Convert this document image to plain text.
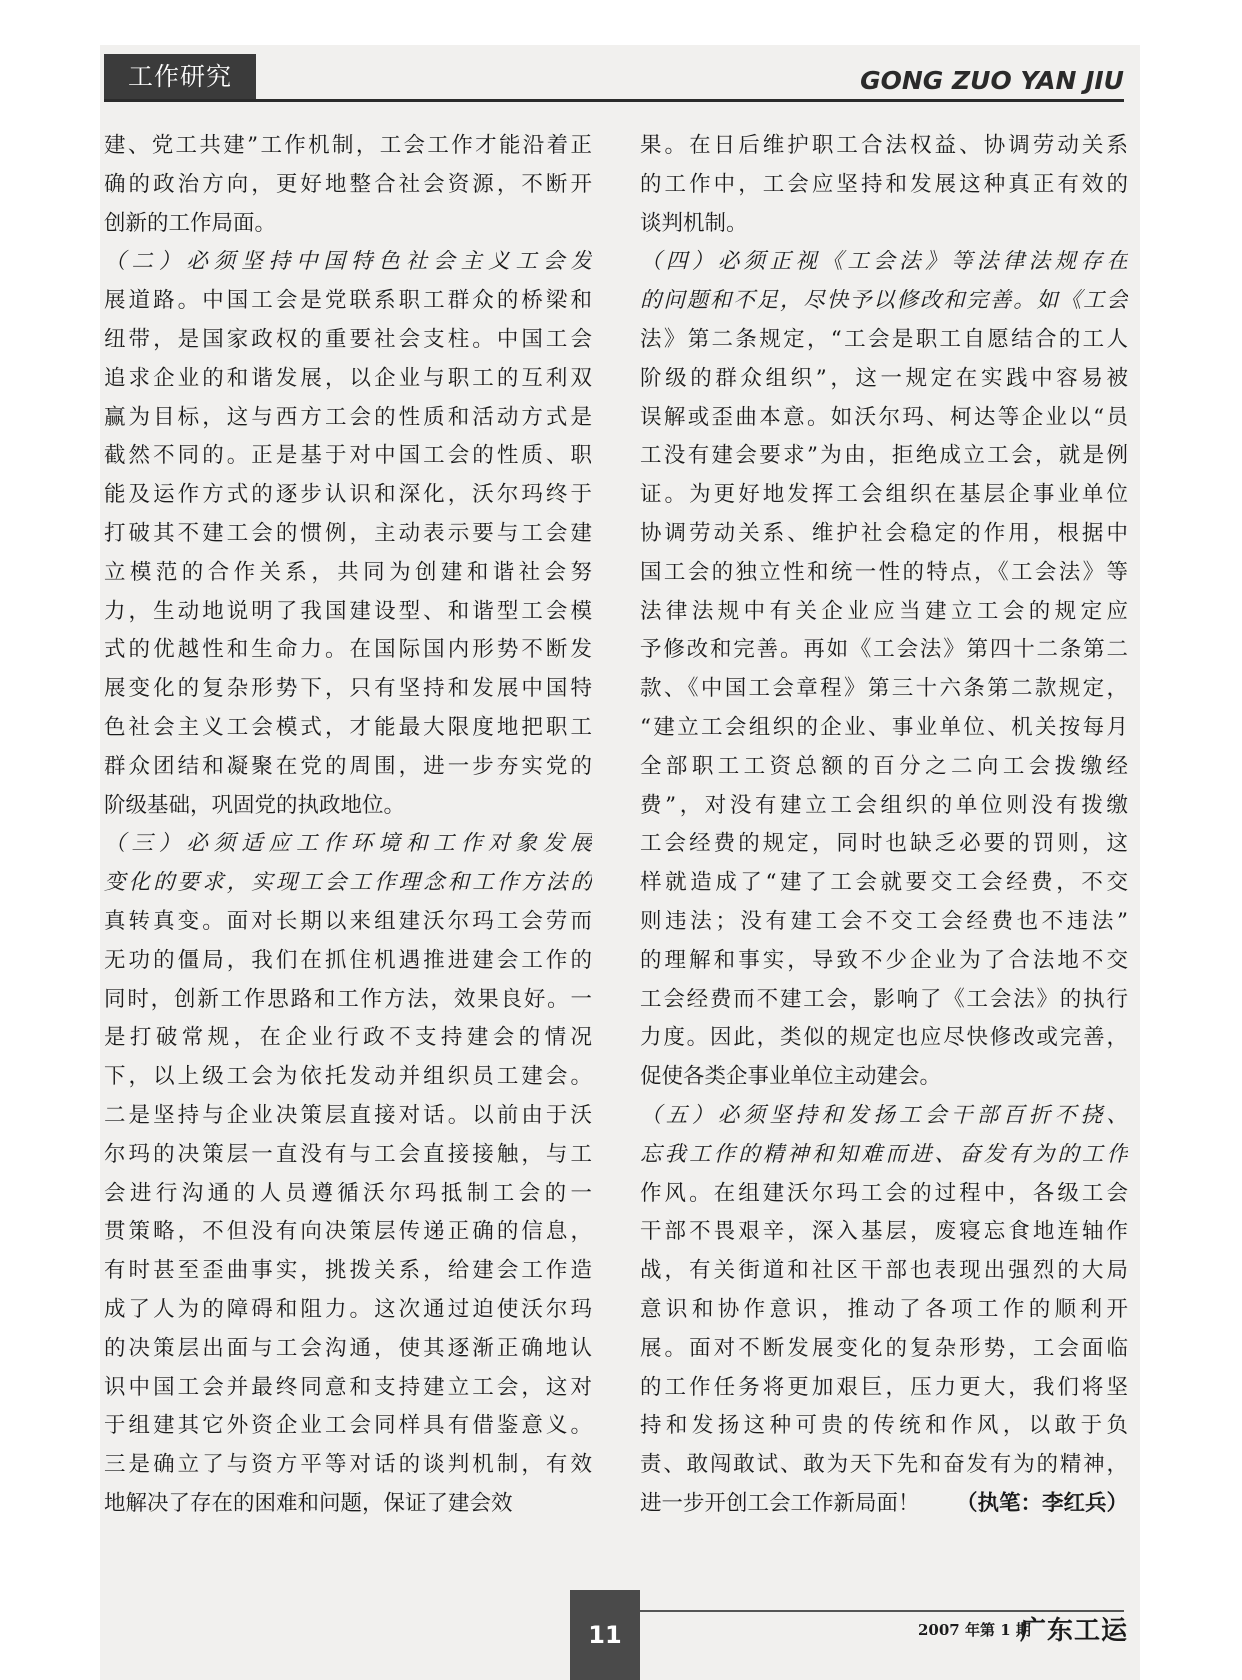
工作研究	GONG ZUO YAN JIU

建、党工共建”工作机制，工会工作才能沿着正

确的政治方向，更好地整合社会资源，不断开

创新的工作局面。

（二）必须坚持中国特色社会主义工会发

展道路。中国工会是党联系职工群众的桥梁和

纽带，是国家政权的重要社会支柱。中国工会

追求企业的和谐发展，以企业与职工的互利双

赢为目标，这与西方工会的性质和活动方式是

截然不同的。正是基于对中国工会的性质、职

能及运作方式的逐步认识和深化，沃尔玛终于

打破其不建工会的惯例，主动表示要与工会建

立模范的合作关系，共同为创建和谐社会努

力，生动地说明了我国建设型、和谐型工会模

式的优越性和生命力。在国际国内形势不断发

展变化的复杂形势下，只有坚持和发展中国特

色社会主义工会模式，才能最大限度地把职工

群众团结和凝聚在党的周围，进一步夯实党的

阶级基础，巩固党的执政地位。

（三）必须适应工作环境和工作对象发展

变化的要求，实现工会工作理念和工作方法的

真转真变。面对长期以来组建沃尔玛工会劳而

无功的僵局，我们在抓住机遇推进建会工作的

同时，创新工作思路和工作方法，效果良好。一

是打破常规，在企业行政不支持建会的情况

下，以上级工会为依托发动并组织员工建会。

二是坚持与企业决策层直接对话。以前由于沃

尔玛的决策层一直没有与工会直接接触，与工

会进行沟通的人员遵循沃尔玛抵制工会的一

贯策略，不但没有向决策层传递正确的信息，

有时甚至歪曲事实，挑拨关系，给建会工作造

成了人为的障碍和阻力。这次通过迫使沃尔玛

的决策层出面与工会沟通，使其逐渐正确地认

识中国工会并最终同意和支持建立工会，这对

于组建其它外资企业工会同样具有借鉴意义。

三是确立了与资方平等对话的谈判机制，有效

地解决了存在的困难和问题，保证了建会效

果。在日后维护职工合法权益、协调劳动关系

的工作中，工会应坚持和发展这种真正有效的

谈判机制。

（四）必须正视《工会法》等法律法规存在

的问题和不足，尽快予以修改和完善。如《工会

法》第二条规定，“工会是职工自愿结合的工人

阶级的群众组织”，这一规定在实践中容易被

误解或歪曲本意。如沃尔玛、柯达等企业以“员

工没有建会要求”为由，拒绝成立工会，就是例

证。为更好地发挥工会组织在基层企事业单位

协调劳动关系、维护社会稳定的作用，根据中

国工会的独立性和统一性的特点，《工会法》等

法律法规中有关企业应当建立工会的规定应

予修改和完善。再如《工会法》第四十二条第二

款、《中国工会章程》第三十六条第二款规定，

“建立工会组织的企业、事业单位、机关按每月

全部职工工资总额的百分之二向工会拨缴经

费”，对没有建立工会组织的单位则没有拨缴

工会经费的规定，同时也缺乏必要的罚则，这

样就造成了“建了工会就要交工会经费，不交

则违法；没有建工会不交工会经费也不违法”

的理解和事实，导致不少企业为了合法地不交

工会经费而不建工会，影响了《工会法》的执行

力度。因此，类似的规定也应尽快修改或完善，

促使各类企事业单位主动建会。

（五）必须坚持和发扬工会干部百折不挠、

忘我工作的精神和知难而进、奋发有为的工作

作风。在组建沃尔玛工会的过程中，各级工会

干部不畏艰辛，深入基层，废寝忘食地连轴作

战，有关街道和社区干部也表现出强烈的大局

意识和协作意识，推动了各项工作的顺利开

展。面对不断发展变化的复杂形势，工会面临

的工作任务将更加艰巨，压力更大，我们将坚

持和发扬这种可贵的传统和作风，以敢于负

责、敢闯敢试、敢为天下先和奋发有为的精神，

进一步开创工会工作新局面！ （执笔：李红兵）

11	2007 年第 1 期
广东工运
